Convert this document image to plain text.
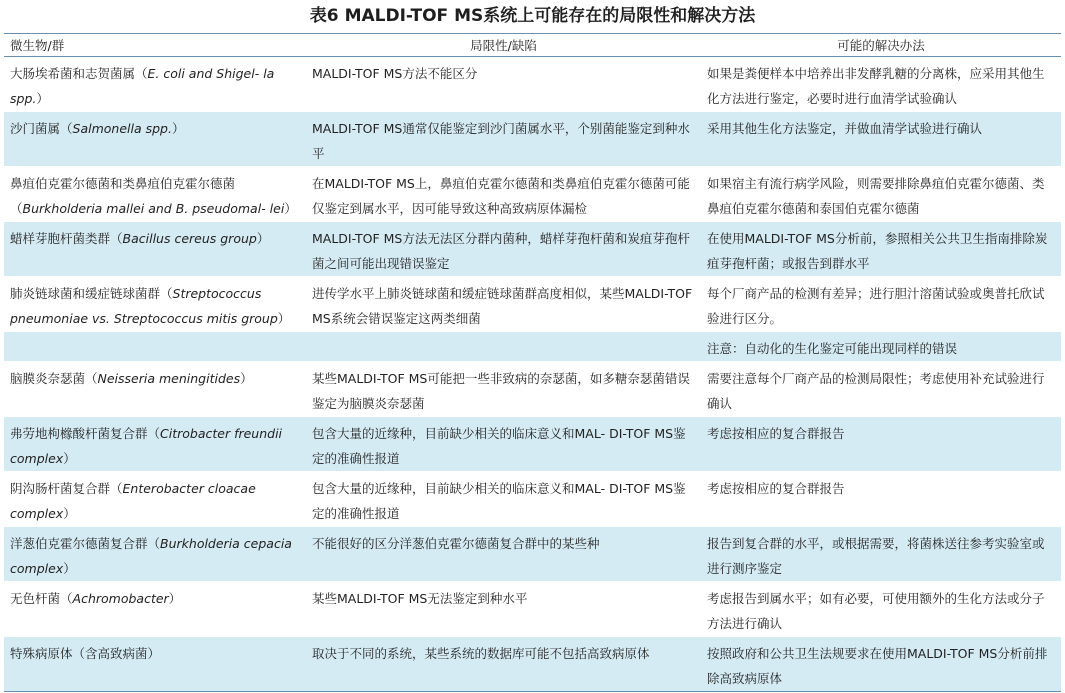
表6 MALDI-TOF MS系统上可能存在的局限性和解决方法
微生物/群	局限性/缺陷	可能的解决办法
大肠埃希菌和志贺菌属（E. coli and Shigel- la spp.）	MALDI-TOF MS方法不能区分	如果是粪便样本中培养出非发酵乳糖的分离株，应采用其他生化方法进行鉴定，必要时进行血清学试验确认
沙门菌属（Salmonella spp.）	MALDI-TOF MS通常仅能鉴定到沙门菌属水平，个别菌能鉴定到种水平	采用其他生化方法鉴定，并做血清学试验进行确认
鼻疽伯克霍尔德菌和类鼻疽伯克霍尔德菌（Burkholderia mallei and B. pseudomal- lei）	在MALDI-TOF MS上，鼻疽伯克霍尔德菌和类鼻疽伯克霍尔德菌可能仅鉴定到属水平，因可能导致这种高致病原体漏检	如果宿主有流行病学风险，则需要排除鼻疽伯克霍尔德菌、类鼻疽伯克霍尔德菌和泰国伯克霍尔德菌
蜡样芽胞杆菌类群（Bacillus cereus group）	MALDI-TOF MS方法无法区分群内菌种，蜡样芽孢杆菌和炭疽芽孢杆菌之间可能出现错误鉴定	在使用MALDI-TOF MS分析前，参照相关公共卫生指南排除炭疽芽孢杆菌；或报告到群水平
肺炎链球菌和缓症链球菌群（Streptococcus pneumoniae vs. Streptococcus mitis group）	进传学水平上肺炎链球菌和缓症链球菌群高度相似，某些MALDI-TOF MS系统会错误鉴定这两类细菌	每个厂商产品的检测有差异；进行胆汁溶菌试验或奥普托欣试验进行区分。
		注意：自动化的生化鉴定可能出现同样的错误
脑膜炎奈瑟菌（Neisseria meningitides）	某些MALDI-TOF MS可能把一些非致病的奈瑟菌，如多糖奈瑟菌错误鉴定为脑膜炎奈瑟菌	需要注意每个厂商产品的检测局限性；考虑使用补充试验进行确认
弗劳地枸橼酸杆菌复合群（Citrobacter freundii complex）	包含大量的近缘种，目前缺少相关的临床意义和MAL- DI-TOF MS鉴定的准确性报道	考虑按相应的复合群报告
阴沟肠杆菌复合群（Enterobacter cloacae complex）	包含大量的近缘种，目前缺少相关的临床意义和MAL- DI-TOF MS鉴定的准确性报道	考虑按相应的复合群报告
洋葱伯克霍尔德菌复合群（Burkholderia cepacia complex）	不能很好的区分洋葱伯克霍尔德菌复合群中的某些种	报告到复合群的水平，或根据需要，将菌株送往参考实验室或进行测序鉴定
无色杆菌（Achromobacter）	某些MALDI-TOF MS无法鉴定到种水平	考虑报告到属水平；如有必要，可使用额外的生化方法或分子方法进行确认
特殊病原体（含高致病菌）	取决于不同的系统，某些系统的数据库可能不包括高致病原体	按照政府和公共卫生法规要求在使用MALDI-TOF MS分析前排除高致病原体
